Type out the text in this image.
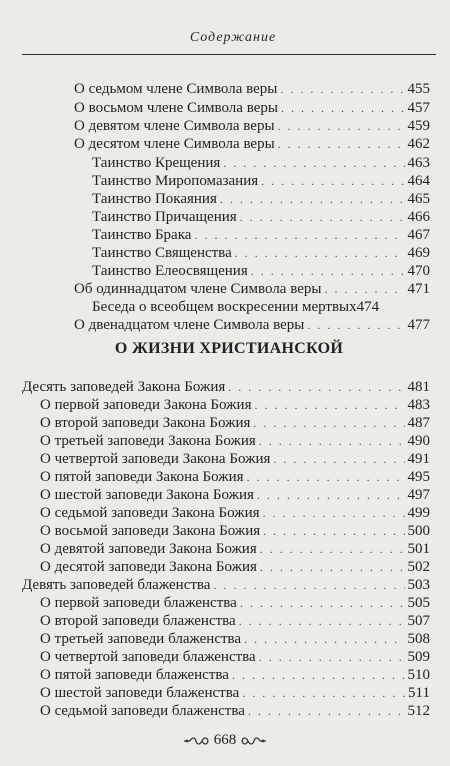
Содержание
О седьмом члене Символа веры . . .	455
О восьмом члене Символа веры . . .	457
О девятом члене Символа веры . . .	459
О десятом члене Символа веры . . .	462
Таинство Крещения . . .	463
Таинство Миропомазания . . .	464
Таинство Покаяния . . .	465
Таинство Причащения . . .	466
Таинство Брака . . .	467
Таинство Священства . . .	469
Таинство Елеосвящения . . .	470
Об одиннадцатом члене Символа веры . . .	471
Беседа о всеобщем воскресении мертвых 474
О двенадцатом члене Символа веры . . .	477
О ЖИЗНИ ХРИСТИАНСКОЙ
Десять заповедей Закона Божия . . .	481
О первой заповеди Закона Божия . . .	483
О второй заповеди Закона Божия . . .	487
О третьей заповеди Закона Божия . . .	490
О четвертой заповеди Закона Божия . . .	491
О пятой заповеди Закона Божия . . .	495
О шестой заповеди Закона Божия . . .	497
О седьмой заповеди Закона Божия . . .	499
О восьмой заповеди Закона Божия . . .	500
О девятой заповеди Закона Божия . . .	501
О десятой заповеди Закона Божия . . .	502
Девять заповедей блаженства . . .	503
О первой заповеди блаженства . . .	505
О второй заповеди блаженства . . .	507
О третьей заповеди блаженства . . .	508
О четвертой заповеди блаженства . . .	509
О пятой заповеди блаженства . . .	510
О шестой заповеди блаженства . . .	511
О седьмой заповеди блаженства . . .	512
668
